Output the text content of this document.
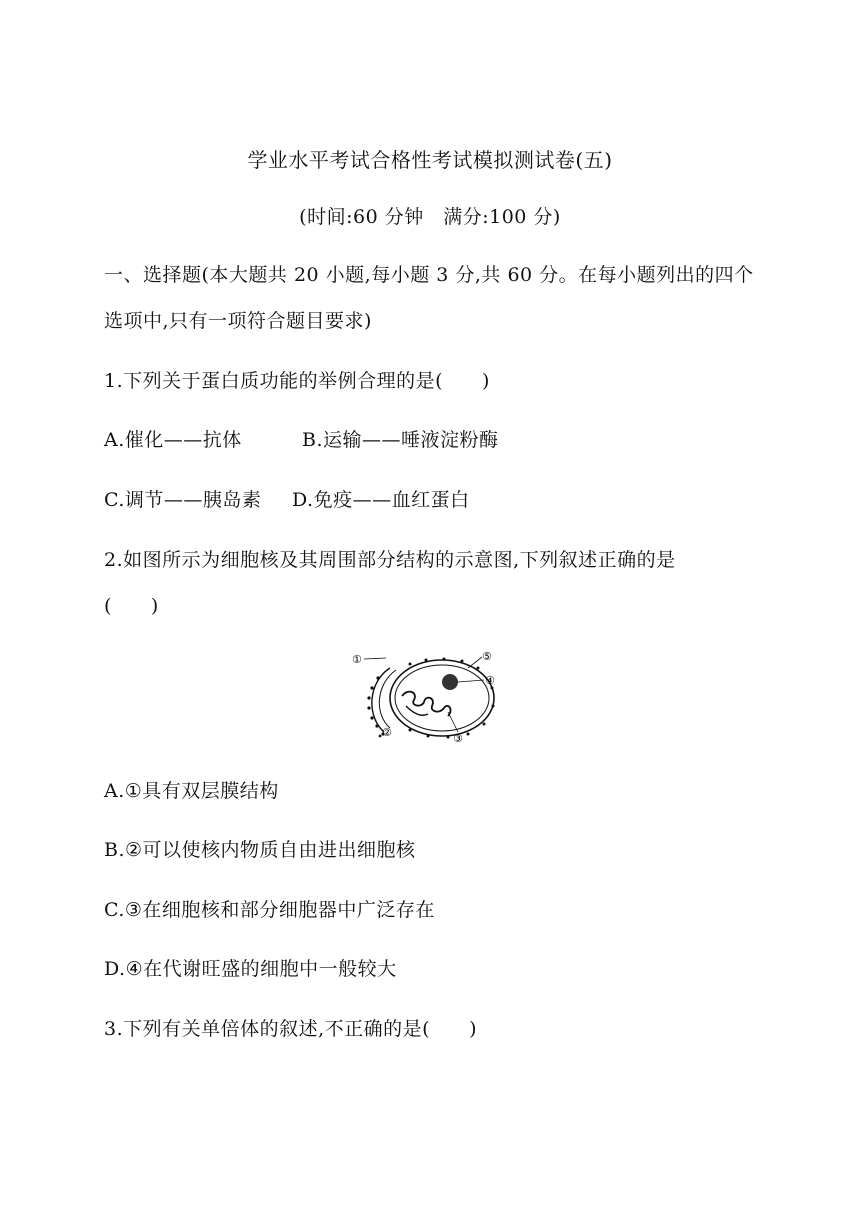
学业水平考试合格性考试模拟测试卷(五)
(时间:60 分钟　满分:100 分)
一、选择题(本大题共 20 小题,每小题 3 分,共 60 分。在每小题列出的四个
选项中,只有一项符合题目要求)
1.下列关于蛋白质功能的举例合理的是(　　)
A.催化——抗体	B.运输——唾液淀粉酶
C.调节——胰岛素 D.免疫——血红蛋白
2.如图所示为细胞核及其周围部分结构的示意图,下列叙述正确的是
(　　)
①
②	③
④
⑤
A.①具有双层膜结构
B.②可以使核内物质自由进出细胞核
C.③在细胞核和部分细胞器中广泛存在
D.④在代谢旺盛的细胞中一般较大
3.下列有关单倍体的叙述,不正确的是(　　)
